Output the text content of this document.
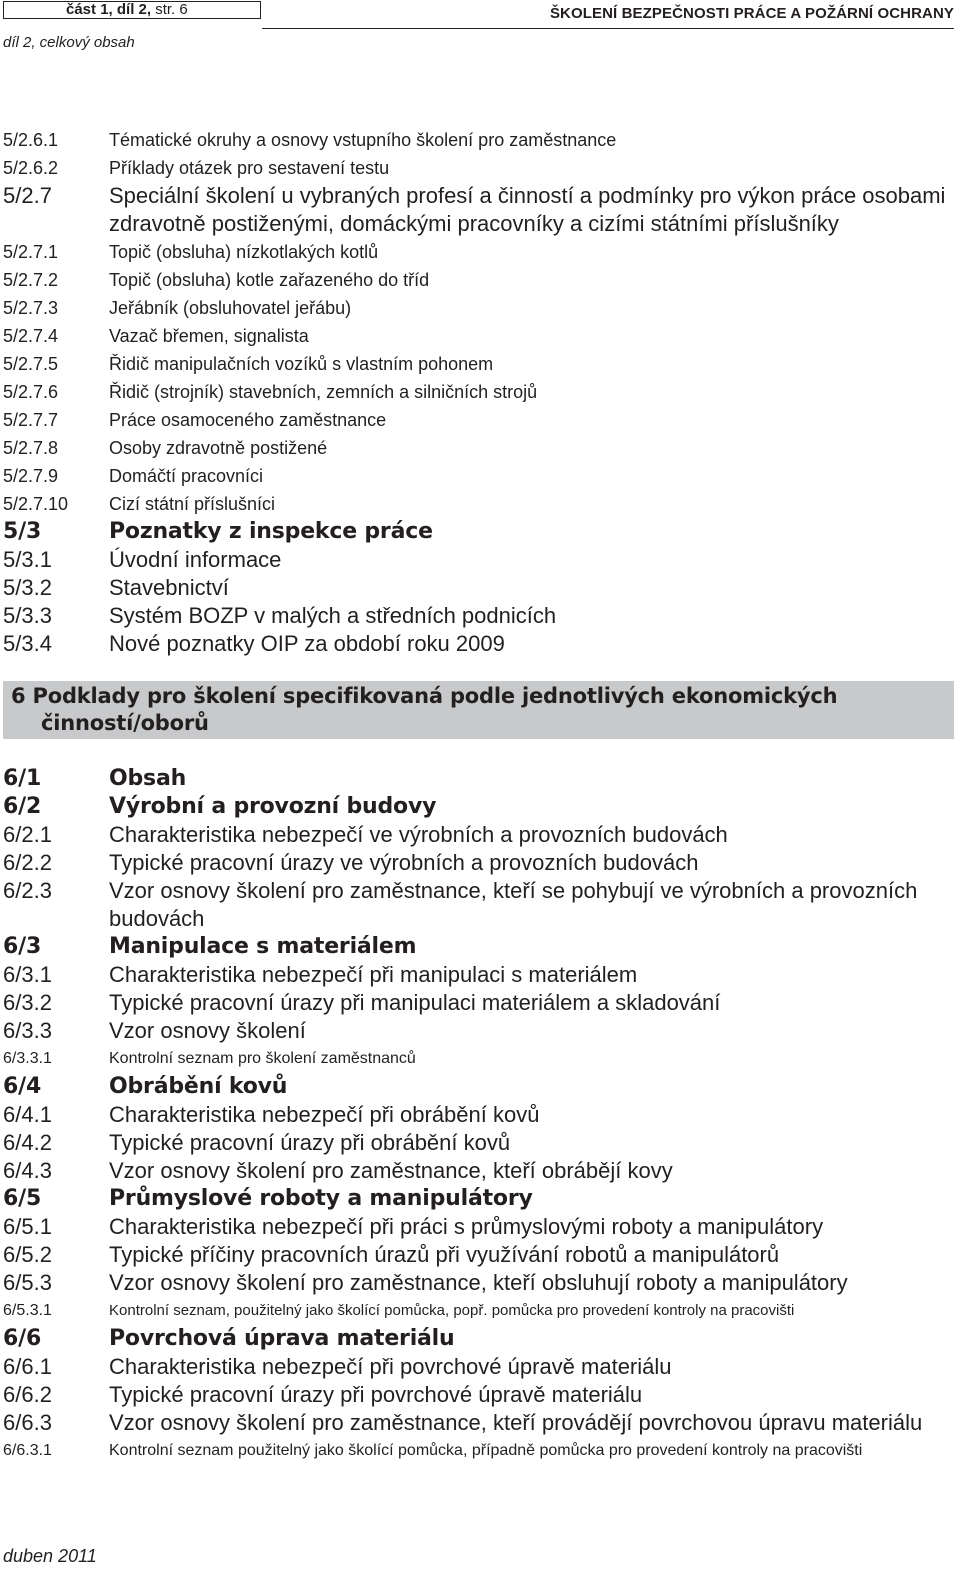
část 1, díl 2, str. 6	ŠKOLENÍ BEZPEČNOSTI PRÁCE A POŽÁRNÍ OCHRANY
díl 2, celkový obsah
5/2.6.1	Tématické okruhy a osnovy vstupního školení pro zaměstnance
5/2.6.2	Příklady otázek pro sestavení testu
5/2.7	Speciální školení u vybraných profesí a činností a podmínky pro výkon práce osobami zdravotně postiženými, domáckými pracovníky a cizími státními příslušníky
5/2.7.1	Topič (obsluha) nízkotlakých kotlů
5/2.7.2	Topič (obsluha) kotle zařazeného do tříd
5/2.7.3	Jeřábník (obsluhovatel jeřábu)
5/2.7.4	Vazač břemen, signalista
5/2.7.5	Řidič manipulačních vozíků s vlastním pohonem
5/2.7.6	Řidič (strojník) stavebních, zemních a silničních strojů
5/2.7.7	Práce osamoceného zaměstnance
5/2.7.8	Osoby zdravotně postižené
5/2.7.9	Domáčtí pracovníci
5/2.7.10 Cizí státní příslušníci
5/3	Poznatky z inspekce práce
5/3.1	Úvodní informace
5/3.2	Stavebnictví
5/3.3	Systém BOZP v malých a středních podnicích
5/3.4	Nové poznatky OIP za období roku 2009
6 Podklady pro školení specifikovaná podle jednotlivých ekonomických
činností/oborů
6/1	Obsah
6/2	Výrobní a provozní budovy
6/2.1	Charakteristika nebezpečí ve výrobních a provozních budovách
6/2.2	Typické pracovní úrazy ve výrobních a provozních budovách
6/2.3	Vzor osnovy školení pro zaměstnance, kteří se pohybují ve výrobních a provozních budovách
6/3	Manipulace s materiálem
6/3.1	Charakteristika nebezpečí při manipulaci s materiálem
6/3.2	Typické pracovní úrazy při manipulaci materiálem a skladování
6/3.3	Vzor osnovy školení
6/3.3.1	Kontrolní seznam pro školení zaměstnanců
6/4	Obrábění kovů
6/4.1	Charakteristika nebezpečí při obrábění kovů
6/4.2	Typické pracovní úrazy při obrábění kovů
6/4.3	Vzor osnovy školení pro zaměstnance, kteří obrábějí kovy
6/5	Průmyslové roboty a manipulátory
6/5.1	Charakteristika nebezpečí při práci s průmyslovými roboty a manipulátory
6/5.2	Typické příčiny pracovních úrazů při využívání robotů a manipulátorů
6/5.3	Vzor osnovy školení pro zaměstnance, kteří obsluhují roboty a manipulátory
6/5.3.1	Kontrolní seznam, použitelný jako školící pomůcka, popř. pomůcka pro provedení kontroly na pracovišti
6/6	Povrchová úprava materiálu
6/6.1	Charakteristika nebezpečí při povrchové úpravě materiálu
6/6.2	Typické pracovní úrazy při povrchové úpravě materiálu
6/6.3	Vzor osnovy školení pro zaměstnance, kteří provádějí povrchovou úpravu materiálu
6/6.3.1	Kontrolní seznam použitelný jako školící pomůcka, případně pomůcka pro provedení kontroly na pracovišti
duben 2011
